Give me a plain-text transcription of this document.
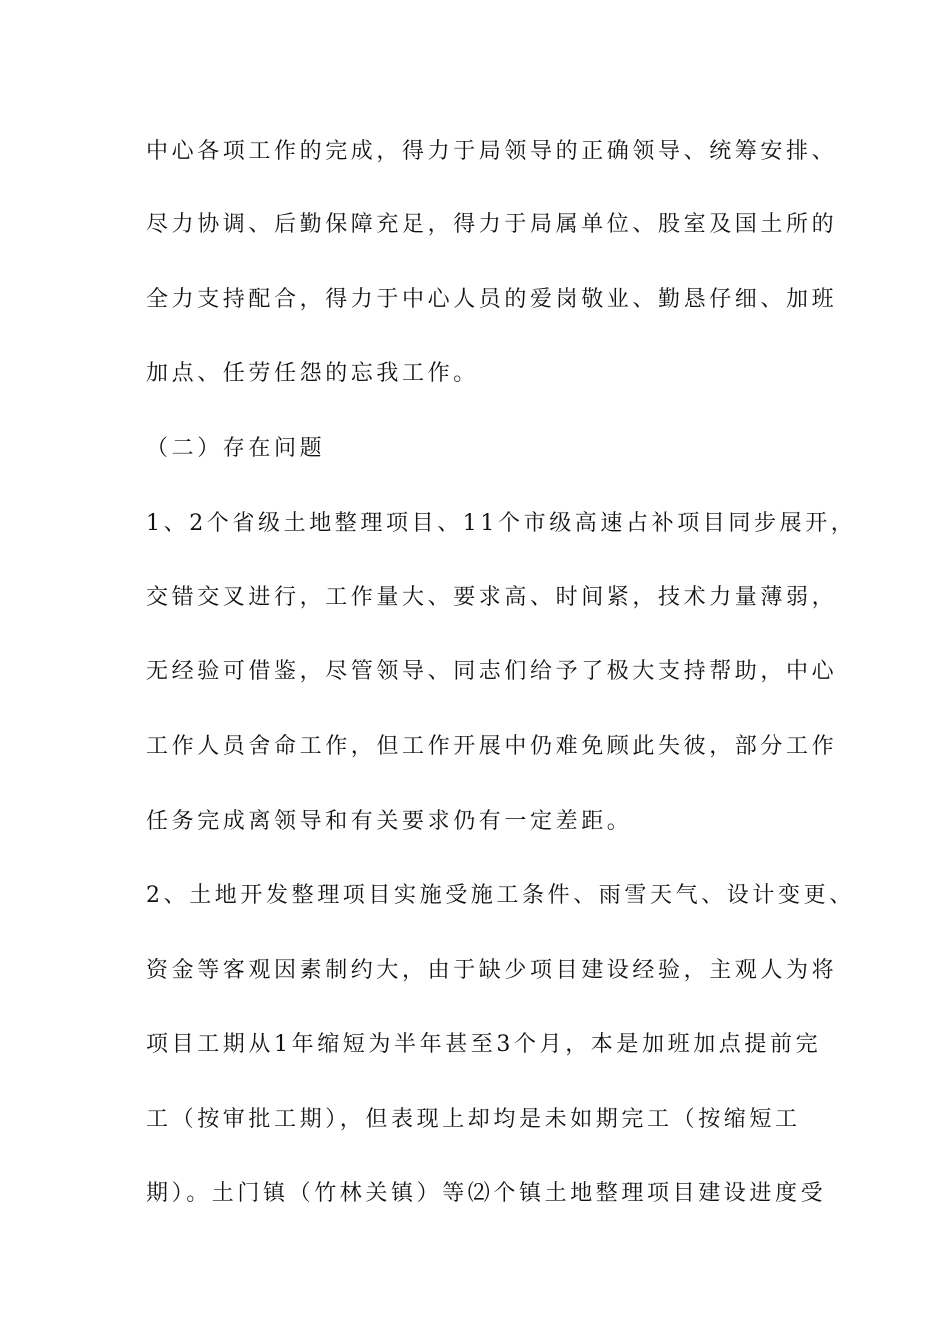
中心各项工作的完成，得力于局领导的正确领导、统筹安排、
尽力协调、后勤保障充足，得力于局属单位、股室及国土所的
全力支持配合，得力于中心人员的爱岗敬业、勤恳仔细、加班
加点、任劳任怨的忘我工作。
（二）存在问题
1、2个省级土地整理项目、11个市级高速占补项目同步展开，
交错交叉进行，工作量大、要求高、时间紧，技术力量薄弱，
无经验可借鉴，尽管领导、同志们给予了极大支持帮助，中心
工作人员舍命工作，但工作开展中仍难免顾此失彼，部分工作
任务完成离领导和有关要求仍有一定差距。
2、土地开发整理项目实施受施工条件、雨雪天气、设计变更、
资金等客观因素制约大，由于缺少项目建设经验，主观人为将
项目工期从1年缩短为半年甚至3个月，本是加班加点提前完
工（按审批工期），但表现上却均是未如期完工（按缩短工
期）。土门镇（竹林关镇）等⑵个镇土地整理项目建设进度受
